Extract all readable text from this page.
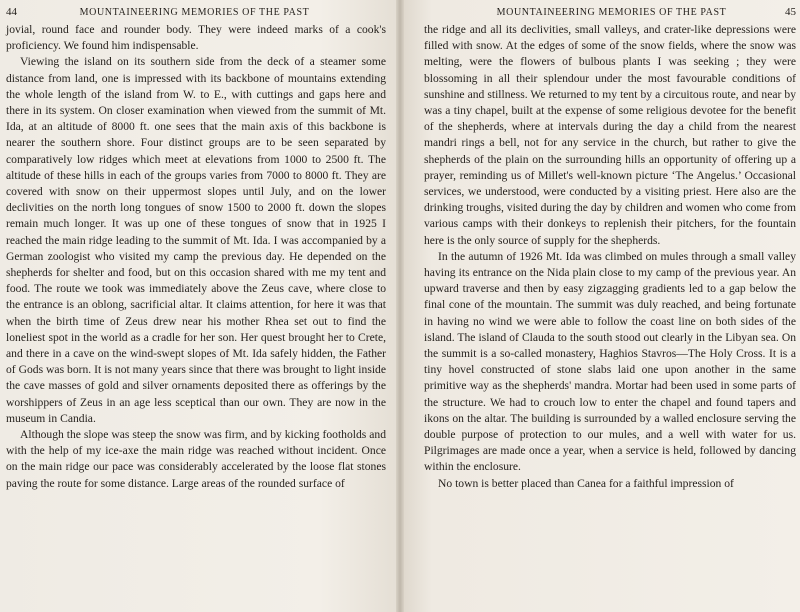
44	MOUNTAINEERING MEMORIES OF THE PAST

jovial, round face and rounder body. They were indeed marks of a cook's proficiency. We found him indispensable.

Viewing the island on its southern side from the deck of a steamer some distance from land, one is impressed with its backbone of mountains extending the whole length of the island from W. to E., with cuttings and gaps here and there in its system. On closer examination when viewed from the summit of Mt. Ida, at an altitude of 8000 ft. one sees that the main axis of this backbone is nearer the southern shore. Four distinct groups are to be seen separated by comparatively low ridges which meet at elevations from 1000 to 2500 ft. The altitude of these hills in each of the groups varies from 7000 to 8000 ft. They are covered with snow on their uppermost slopes until July, and on the lower declivities on the north long tongues of snow 1500 to 2000 ft. down the slopes remain much longer. It was up one of these tongues of snow that in 1925 I reached the main ridge leading to the summit of Mt. Ida. I was accompanied by a German zoologist who visited my camp the previous day. He depended on the shepherds for shelter and food, but on this occasion shared with me my tent and food. The route we took was immediately above the Zeus cave, where close to the entrance is an oblong, sacrificial altar. It claims attention, for here it was that when the birth time of Zeus drew near his mother Rhea set out to find the loneliest spot in the world as a cradle for her son. Her quest brought her to Crete, and there in a cave on the wind-swept slopes of Mt. Ida safely hidden, the Father of Gods was born. It is not many years since that there was brought to light inside the cave masses of gold and silver ornaments deposited there as offerings by the worshippers of Zeus in an age less sceptical than our own. They are now in the museum in Candia.

Although the slope was steep the snow was firm, and by kicking footholds and with the help of my ice-axe the main ridge was reached without incident. Once on the main ridge our pace was considerably accelerated by the loose flat stones paving the route for some distance. Large areas of the rounded surface of

MOUNTAINEERING MEMORIES OF THE PAST	45

the ridge and all its declivities, small valleys, and crater-like depressions were filled with snow. At the edges of some of the snow fields, where the snow was melting, were the flowers of bulbous plants I was seeking ; they were blossoming in all their splendour under the most favourable conditions of sunshine and stillness. We returned to my tent by a circuitous route, and near by was a tiny chapel, built at the expense of some religious devotee for the benefit of the shepherds, where at intervals during the day a child from the nearest mandri rings a bell, not for any service in the church, but rather to give the shepherds of the plain on the surrounding hills an opportunity of offering up a prayer, reminding us of Millet's well-known picture ‘The Angelus.’ Occasional services, we understood, were conducted by a visiting priest. Here also are the drinking troughs, visited during the day by children and women who come from various camps with their donkeys to replenish their pitchers, for the fountain here is the only source of supply for the shepherds.

In the autumn of 1926 Mt. Ida was climbed on mules through a small valley having its entrance on the Nida plain close to my camp of the previous year. An upward traverse and then by easy zigzagging gradients led to a gap below the final cone of the mountain. The summit was duly reached, and being fortunate in having no wind we were able to follow the coast line on both sides of the island. The island of Clauda to the south stood out clearly in the Libyan sea. On the summit is a so-called monastery, Haghios Stavros—The Holy Cross. It is a tiny hovel constructed of stone slabs laid one upon another in the same primitive way as the shepherds' mandra. Mortar had been used in some parts of the structure. We had to crouch low to enter the chapel and found tapers and ikons on the altar. The building is surrounded by a walled enclosure serving the double purpose of protection to our mules, and a well with water for us. Pilgrimages are made once a year, when a service is held, followed by dancing within the enclosure.

No town is better placed than Canea for a faithful impression of
